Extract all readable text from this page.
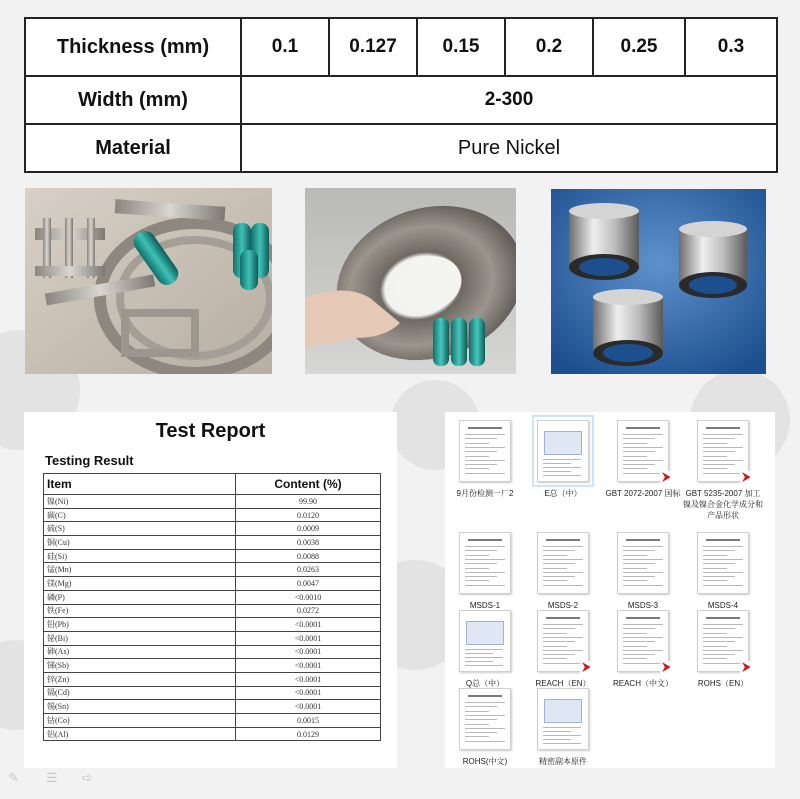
Thickness (mm)	0.1	0.127	0.15	0.2	0.25	0.3
Width (mm)	2-300					
Material	Pure Nickel					
Test Report
Testing Result
Item	Content (%)
镍(Ni)	99.90
碳(C)	0.0120
硫(S)	0.0009
铜(Cu)	0.0038
硅(Si)	0.0088
锰(Mn)	0.0263
镁(Mg)	0.0047
磷(P)	<0.0010
铁(Fe)	0.0272
铅(Pb)	<0.0001
铋(Bi)	<0.0001
砷(As)	<0.0001
锑(Sb)	<0.0001
锌(Zn)	<0.0001
镉(Cd)	<0.0001
锡(Sn)	<0.0001
钴(Co)	0.0015
铝(Al)	0.0129
9月份检测一厂2	E总（中）
⮞
GBT 2072-2007 国标
⮞
GBT 5235-2007 加工镍及镍合金化学成分和产品形状
MSDS-1	MSDS-2	MSDS-3	MSDS-4
Q总（中）
⮞
REACH（EN）
⮞
REACH（中文）
⮞
ROHS（EN）
ROHS(中文)	精密副本原件
✎ ☰ ➪
